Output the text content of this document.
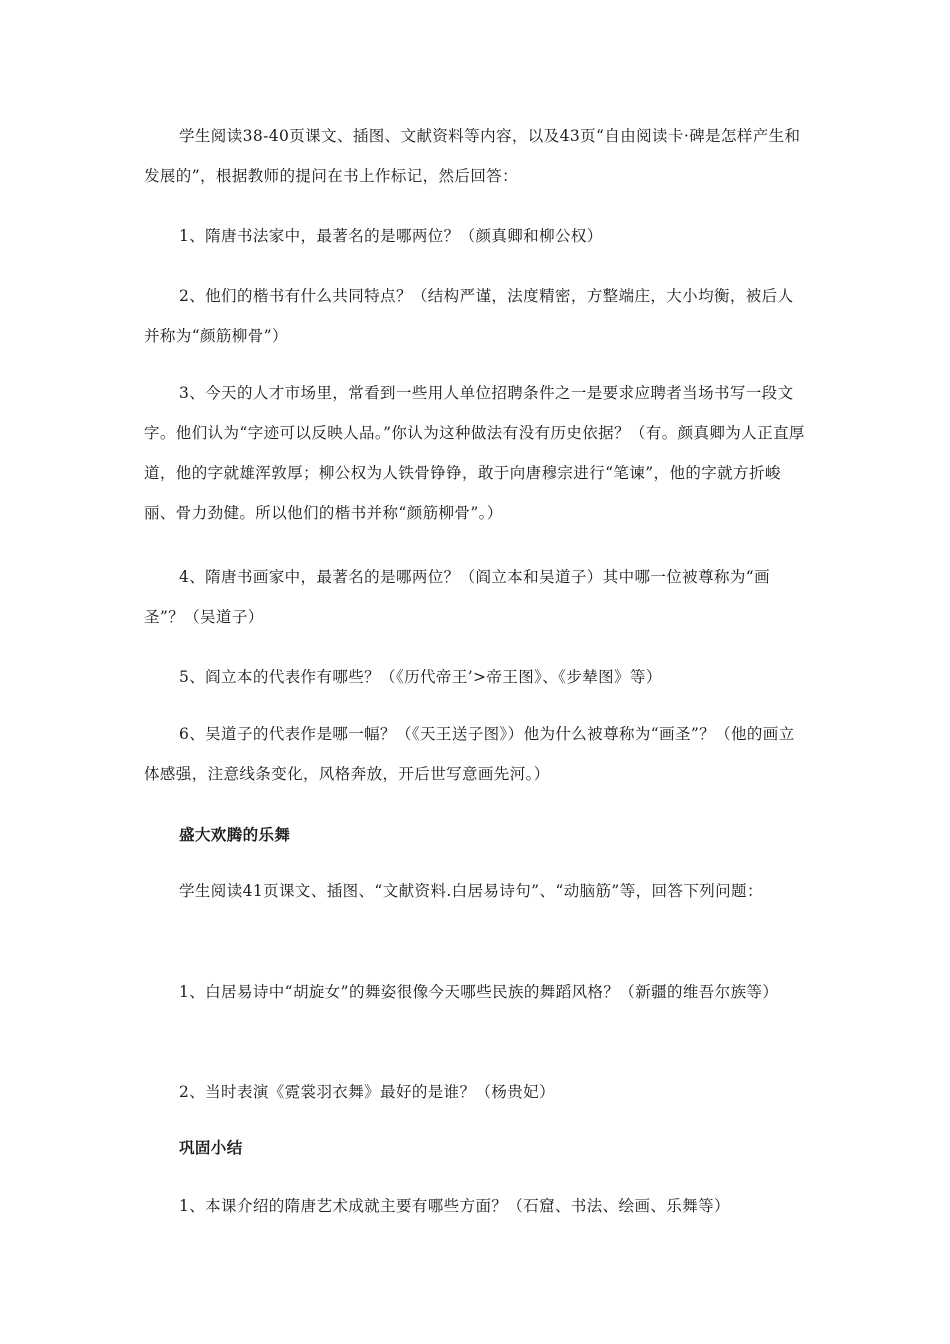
学生阅读38-40页课文、插图、文献资料等内容，以及43页“自由阅读卡·碑是怎样产生和发展的”，根据教师的提问在书上作标记，然后回答：

1、隋唐书法家中，最著名的是哪两位？（颜真卿和柳公权）

2、他们的楷书有什么共同特点？（结构严谨，法度精密，方整端庄，大小均衡，被后人并称为“颜筋柳骨”）

3、今天的人才市场里，常看到一些用人单位招聘条件之一是要求应聘者当场书写一段文字。他们认为“字迹可以反映人品。”你认为这种做法有没有历史依据？（有。颜真卿为人正直厚道，他的字就雄浑敦厚；柳公权为人铁骨铮铮，敢于向唐穆宗进行“笔谏”，他的字就方折峻丽、骨力劲健。所以他们的楷书并称“颜筋柳骨”。）

4、隋唐书画家中，最著名的是哪两位？（阎立本和吴道子）其中哪一位被尊称为“画圣”？（吴道子）

5、阎立本的代表作有哪些？（《历代帝王’>帝王图》、《步辇图》等）

6、吴道子的代表作是哪一幅？（《天王送子图》）他为什么被尊称为“画圣”？（他的画立体感强，注意线条变化，风格奔放，开后世写意画先河。）

盛大欢腾的乐舞

学生阅读41页课文、插图、“文献资料.白居易诗句”、“动脑筋”等，回答下列问题：

1、白居易诗中“胡旋女”的舞姿很像今天哪些民族的舞蹈风格？（新疆的维吾尔族等）

2、当时表演《霓裳羽衣舞》最好的是谁？（杨贵妃）

巩固小结

1、本课介绍的隋唐艺术成就主要有哪些方面？（石窟、书法、绘画、乐舞等）
